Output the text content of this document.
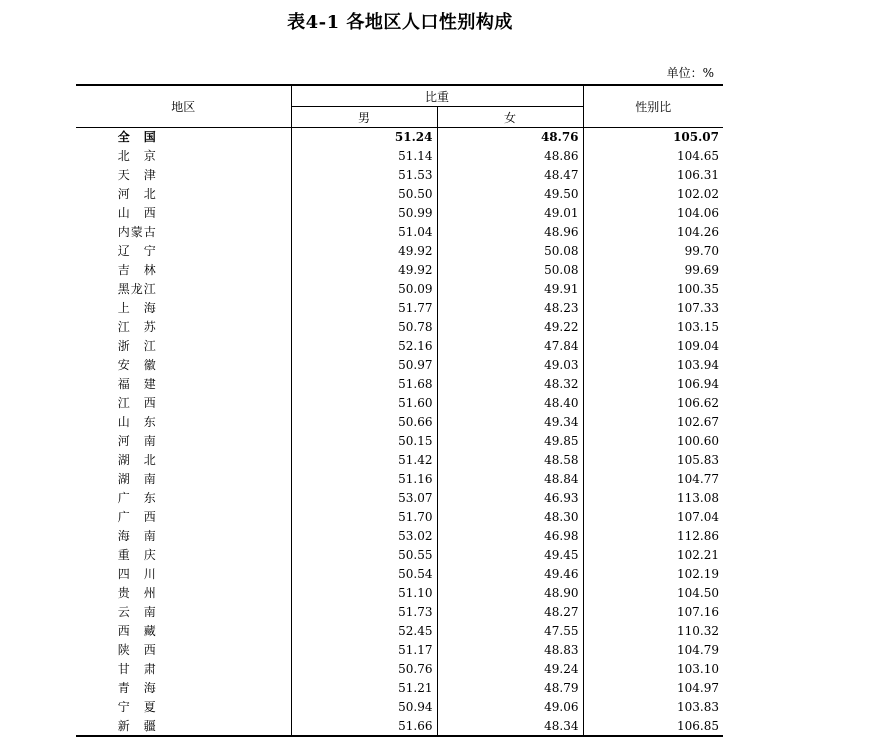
表4-1 各地区人口性别构成
单位：%
地区	比重		性别比
	男	女	
全　国	51.24	48.76	105.07
北　京	51.14	48.86	104.65
天　津	51.53	48.47	106.31
河　北	50.50	49.50	102.02
山　西	50.99	49.01	104.06
内蒙古	51.04	48.96	104.26
辽　宁	49.92	50.08	99.70
吉　林	49.92	50.08	99.69
黑龙江	50.09	49.91	100.35
上　海	51.77	48.23	107.33
江　苏	50.78	49.22	103.15
浙　江	52.16	47.84	109.04
安　徽	50.97	49.03	103.94
福　建	51.68	48.32	106.94
江　西	51.60	48.40	106.62
山　东	50.66	49.34	102.67
河　南	50.15	49.85	100.60
湖　北	51.42	48.58	105.83
湖　南	51.16	48.84	104.77
广　东	53.07	46.93	113.08
广　西	51.70	48.30	107.04
海　南	53.02	46.98	112.86
重　庆	50.55	49.45	102.21
四　川	50.54	49.46	102.19
贵　州	51.10	48.90	104.50
云　南	51.73	48.27	107.16
西　藏	52.45	47.55	110.32
陕　西	51.17	48.83	104.79
甘　肃	50.76	49.24	103.10
青　海	51.21	48.79	104.97
宁　夏	50.94	49.06	103.83
新　疆	51.66	48.34	106.85
